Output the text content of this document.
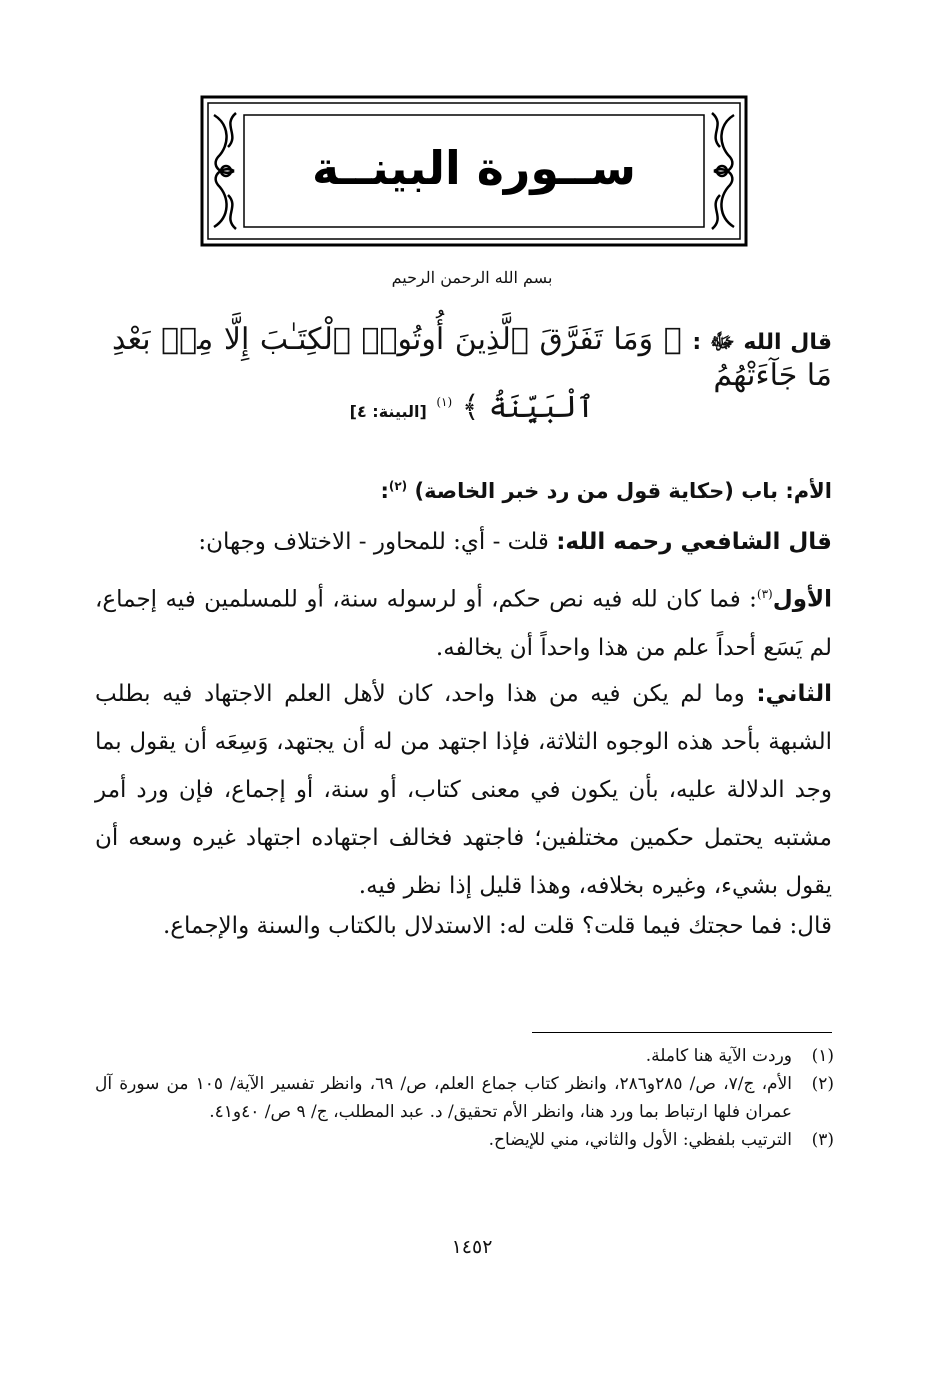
ســورة البينــة
بسم الله الرحمن الرحيم
قال الله ﷻ : ﴿ وَمَا تَفَرَّقَ ٱلَّذِينَ أُوتُوا۟ ٱلْكِتَـٰبَ إِلَّا مِنۢ بَعْدِ مَا جَآءَتْهُمُ
ٱلْبَيِّنَةُ ﴾ $^{(١)}$ [البينة: ٤]
الأم: باب (حكاية قول من رد خبر الخاصة) $^{(٢)}$:
قال الشافعي رحمه الله: قلت - أي: للمحاور - الاختلاف وجهان:
الأول$^{(٣)}$: فما كان لله فيه نص حكم، أو لرسوله سنة، أو للمسلمين فيه إجماع، لم يَسَع أحداً علم من هذا واحداً أن يخالفه.
الثاني: وما لم يكن فيه من هذا واحد، كان لأهل العلم الاجتهاد فيه بطلب الشبهة بأحد هذه الوجوه الثلاثة، فإذا اجتهد من له أن يجتهد، وَسِعَه أن يقول بما وجد الدلالة عليه، بأن يكون في معنى كتاب، أو سنة، أو إجماع، فإن ورد أمر مشتبه يحتمل حكمين مختلفين؛ فاجتهد فخالف اجتهاده اجتهاد غيره وسعه أن يقول بشيء، وغيره بخلافه، وهذا قليل إذا نظر فيه.
قال: فما حجتك فيما قلت؟ قلت له: الاستدلال بالكتاب والسنة والإجماع.
(١)
وردت الآية هنا كاملة.
(٢)
الأم، ج/٧، ص/ ٢٨٥و٢٨٦، وانظر كتاب جماع العلم، ص/ ٦٩، وانظر تفسير الآية/ ١٠٥ من سورة آل عمران فلها ارتباط بما ورد هنا، وانظر الأم تحقيق/ د. عبد المطلب، ج/ ٩ ص/ ٤٠و٤١.
(٣)
الترتيب بلفظي: الأول والثاني، مني للإيضاح.
١٤٥٢
